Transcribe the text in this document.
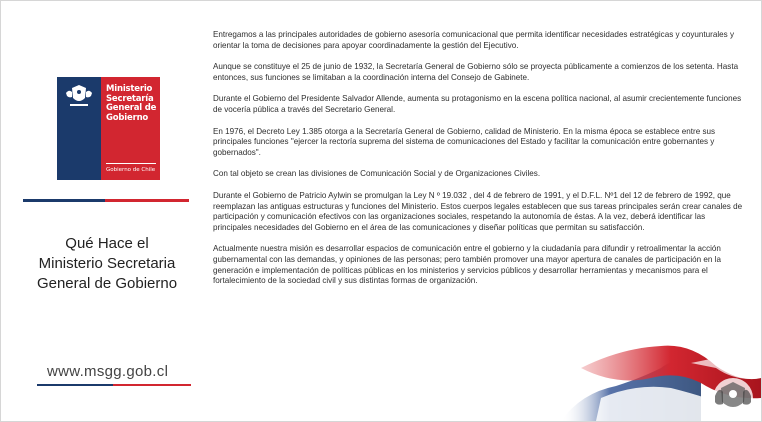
Ministerio
Secretaría
General de
Gobierno
Gobierno de Chile
Qué Hace el
Ministerio Secretaria
General de Gobierno
www.msgg.gob.cl

Entregamos a las principales autoridades de gobierno asesoría comunicacional que permita identificar necesidades estratégicas y coyunturales y orientar la toma de decisiones para apoyar coordinadamente la gestión del Ejecutivo.

Aunque se constituye el 25 de junio de 1932, la Secretaría General de Gobierno sólo se proyecta públicamente a comienzos de los setenta. Hasta entonces, sus funciones se limitaban a la coordinación interna del Consejo de Gabinete.

Durante el Gobierno del Presidente Salvador Allende, aumenta su protagonismo en la escena política nacional, al asumir crecientemente funciones de vocería pública a través del Secretario General.

En 1976, el Decreto Ley 1.385 otorga a la Secretaría General de Gobierno, calidad de Ministerio. En la misma época se establece entre sus principales funciones "ejercer la rectoría suprema del sistema de comunicaciones del Estado y facilitar la comunicación entre gobernantes y gobernados".

Con tal objeto se crean las divisiones de Comunicación Social y de Organizaciones Civiles.

Durante el Gobierno de Patricio Aylwin se promulgan la Ley N º 19.032 , del 4 de febrero de 1991, y el D.F.L. Nº1 del 12 de febrero de 1992, que reemplazan las antiguas estructuras y funciones del Ministerio. Estos cuerpos legales establecen que sus tareas principales serán crear canales de participación y comunicación efectivos con las organizaciones sociales, respetando la autonomía de éstas. A la vez, deberá identificar las principales necesidades del Gobierno en el área de las comunicaciones y diseñar políticas que permitan su satisfacción.

Actualmente nuestra misión es desarrollar espacios de comunicación entre el gobierno y la ciudadanía para difundir y retroalimentar la acción gubernamental con las demandas, y opiniones de las personas; pero también promover una mayor apertura de canales de participación en la generación e implementación de políticas públicas en los ministerios y servicios públicos y desarrollar herramientas y mecanismos para el fortalecimiento de la sociedad civil y sus distintas formas de organización.
